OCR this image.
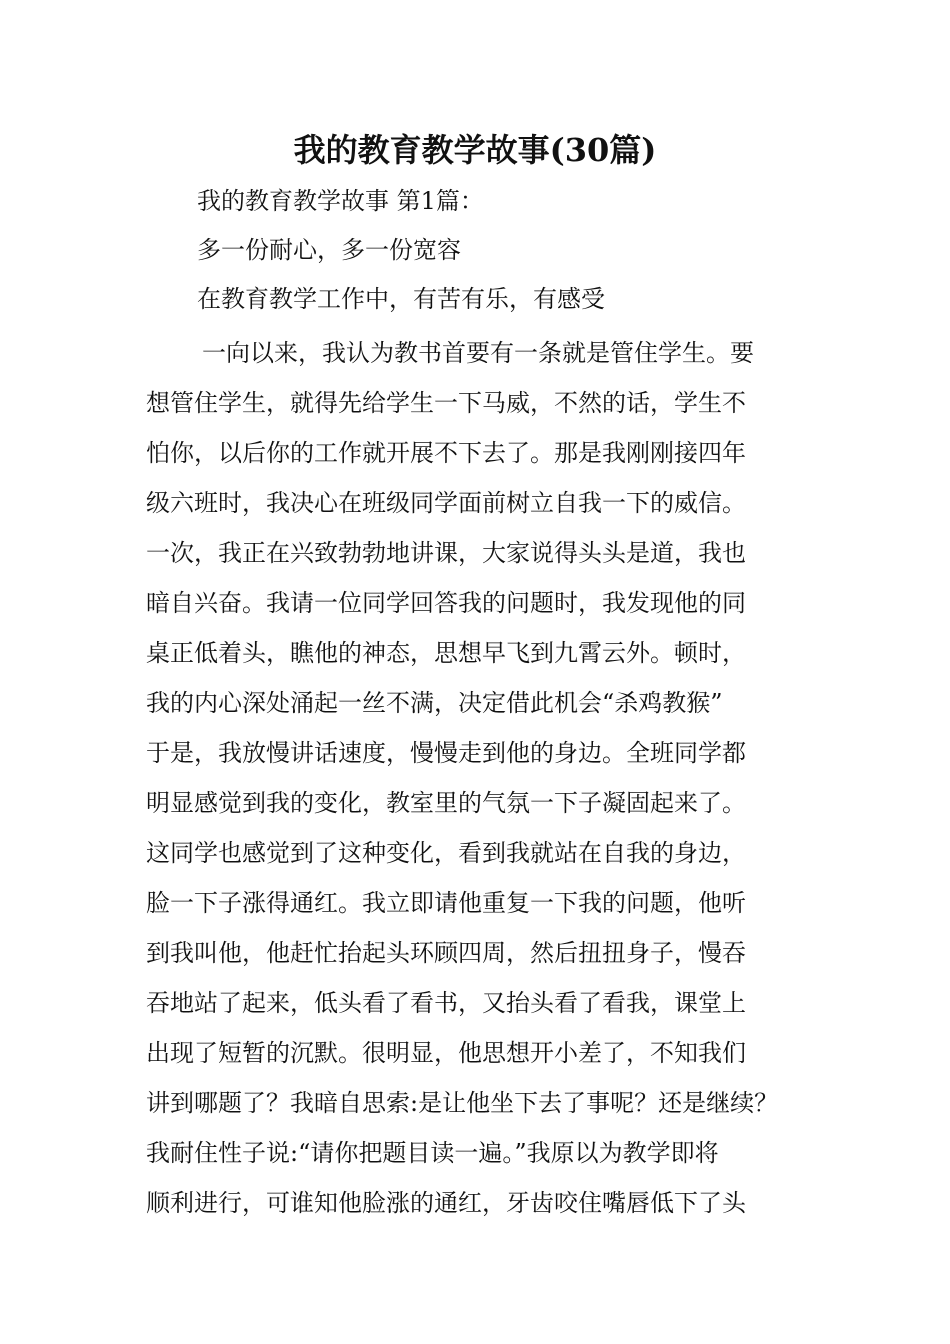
我的教育教学故事(30篇)
我的教育教学故事 第1篇：
多一份耐心，多一份宽容
在教育教学工作中，有苦有乐，有感受
一向以来，我认为教书首要有一条就是管住学生。要
想管住学生，就得先给学生一下马威，不然的话，学生不
怕你，以后你的工作就开展不下去了。那是我刚刚接四年
级六班时，我决心在班级同学面前树立自我一下的威信。
一次，我正在兴致勃勃地讲课，大家说得头头是道，我也
暗自兴奋。我请一位同学回答我的问题时，我发现他的同
桌正低着头，瞧他的神态，思想早飞到九霄云外。顿时，
我的内心深处涌起一丝不满，决定借此机会“杀鸡教猴”
于是，我放慢讲话速度，慢慢走到他的身边。全班同学都
明显感觉到我的变化，教室里的气氛一下子凝固起来了。
这同学也感觉到了这种变化，看到我就站在自我的身边，
脸一下子涨得通红。我立即请他重复一下我的问题，他听
到我叫他，他赶忙抬起头环顾四周，然后扭扭身子，慢吞
吞地站了起来，低头看了看书，又抬头看了看我，课堂上
出现了短暂的沉默。很明显，他思想开小差了，不知我们
讲到哪题了？我暗自思索:是让他坐下去了事呢？还是继续？
我耐住性子说:“请你把题目读一遍。”我原以为教学即将
顺利进行，可谁知他脸涨的通红，牙齿咬住嘴唇低下了头
